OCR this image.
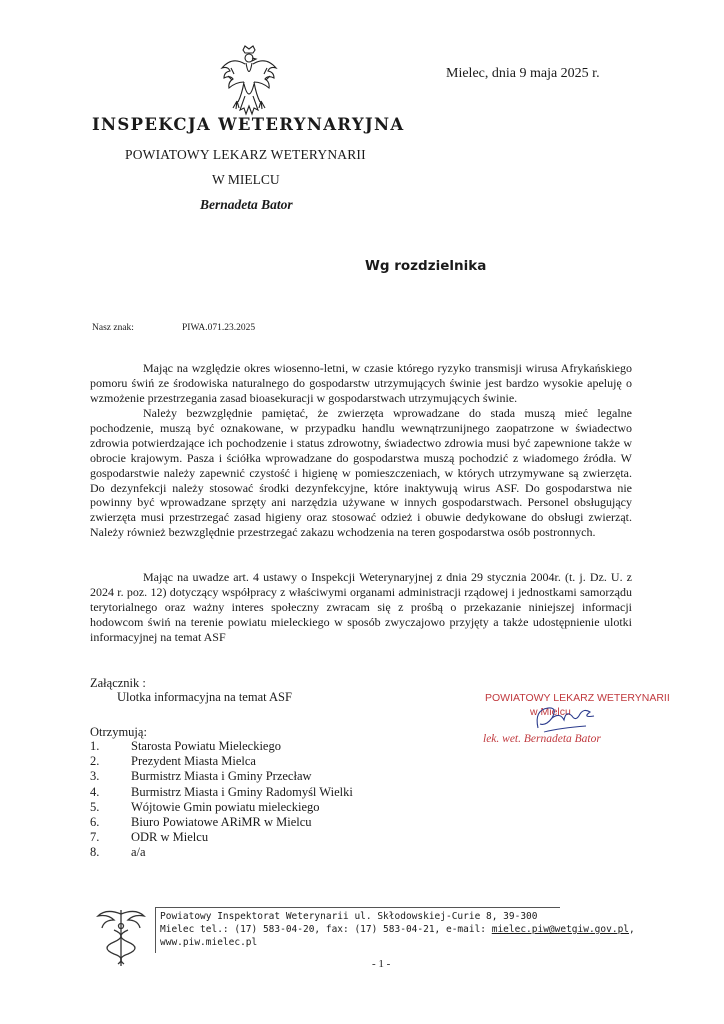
Mielec, dnia 9 maja 2025 r.
INSPEKCJA WETERYNARYJNA
POWIATOWY LEKARZ WETERYNARII
W MIELCU
Bernadeta Bator
Wg rozdzielnika
Nasz znak:	PIWA.071.23.2025

Mając na względzie okres wiosenno-letni, w czasie którego ryzyko transmisji wirusa Afrykańskiego pomoru świń ze środowiska naturalnego do gospodarstw utrzymujących świnie jest bardzo wysokie apeluję o wzmożenie przestrzegania zasad bioasekuracji w gospodarstwach utrzymujących świnie.

Należy bezwzględnie pamiętać, że zwierzęta wprowadzane do stada muszą mieć legalne pochodzenie, muszą być oznakowane, w przypadku handlu wewnątrzunijnego zaopatrzone w świadectwo zdrowia potwierdzające ich pochodzenie i status zdrowotny, świadectwo zdrowia musi być zapewnione także w obrocie krajowym. Pasza i ściółka wprowadzane do gospodarstwa muszą pochodzić z wiadomego źródła. W gospodarstwie należy zapewnić czystość i higienę w pomieszczeniach, w których utrzymywane są zwierzęta. Do dezynfekcji należy stosować środki dezynfekcyjne, które inaktywują wirus ASF. Do gospodarstwa nie powinny być wprowadzane sprzęty ani narzędzia używane w innych gospodarstwach. Personel obsługujący zwierzęta musi przestrzegać zasad higieny oraz stosować odzież i obuwie dedykowane do obsługi zwierząt. Należy również bezwzględnie przestrzegać zakazu wchodzenia na teren gospodarstwa osób postronnych.

Mając na uwadze art. 4 ustawy o Inspekcji Weterynaryjnej z dnia 29 stycznia 2004r. (t. j. Dz. U. z 2024 r. poz. 12) dotyczący współpracy z właściwymi organami administracji rządowej i jednostkami samorządu terytorialnego oraz ważny interes społeczny zwracam się z prośbą o przekazanie niniejszej informacji hodowcom świń na terenie powiatu mieleckiego w sposób zwyczajowo przyjęty a także udostępnienie ulotki informacyjnej na temat ASF

Załącznik :
Ulotka informacyjna na temat ASF
Otrzymują:
1.	Starosta Powiatu Mieleckiego
2.	Prezydent Miasta Mielca
3.	Burmistrz Miasta i Gminy Przecław
4.	Burmistrz Miasta i Gminy Radomyśl Wielki
5.	Wójtowie Gmin powiatu mieleckiego
6.	Biuro Powiatowe ARiMR w Mielcu
7.	ODR w Mielcu
8.	a/a
POWIATOWY LEKARZ WETERYNARII
w Mielcu
lek. wet. Bernadeta Bator
Powiatowy Inspektorat Weterynarii ul. Skłodowskiej-Curie 8, 39-300
Mielec tel.: (17) 583-04-20, fax: (17) 583-04-21, e-mail: mielec.piw@wetgiw.gov.pl,
www.piw.mielec.pl
- 1 -
